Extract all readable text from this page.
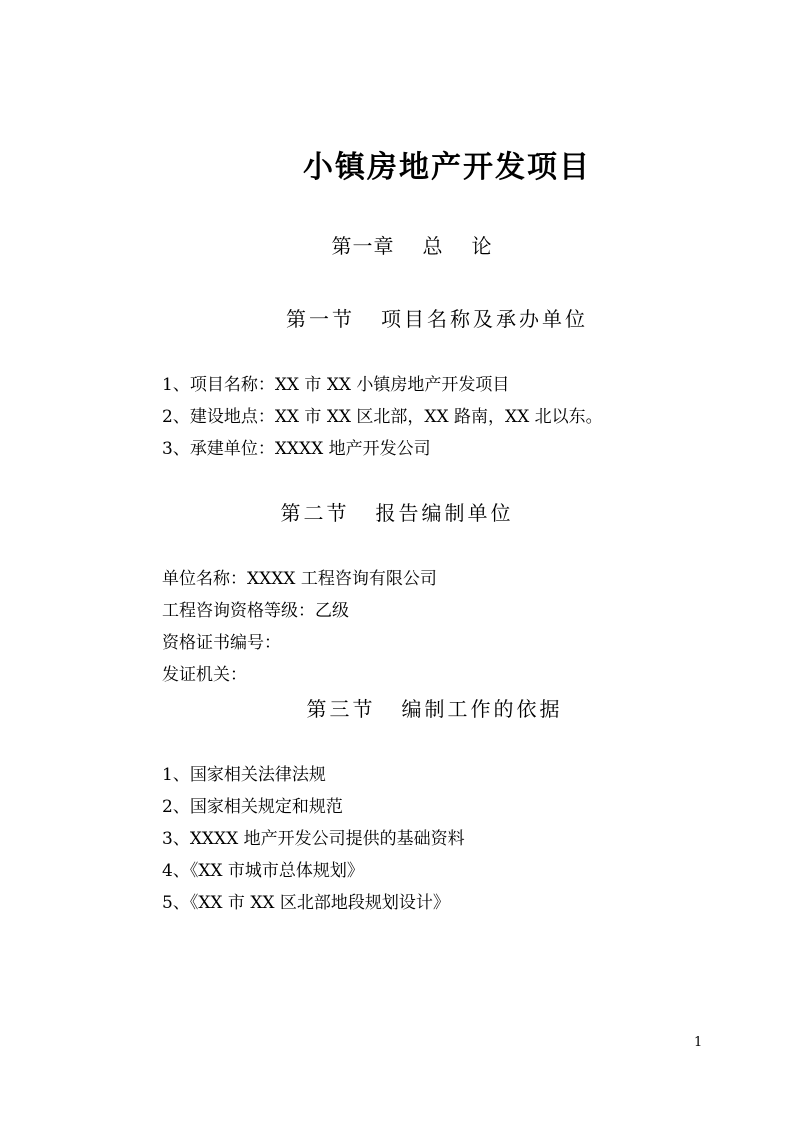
小镇房地产开发项目
第一章 总 论
第一节 项目名称及承办单位
1、项目名称：XX 市 XX 小镇房地产开发项目
2、建设地点：XX 市 XX 区北部，XX 路南，XX 北以东。
3、承建单位：XXXX 地产开发公司
第二节 报告编制单位
单位名称：XXXX 工程咨询有限公司
工程咨询资格等级：乙级
资格证书编号：
发证机关：
第三节 编制工作的依据
1、国家相关法律法规
2、国家相关规定和规范
3、XXXX 地产开发公司提供的基础资料
4、《XX 市城市总体规划》
5、《XX 市 XX 区北部地段规划设计》
1
